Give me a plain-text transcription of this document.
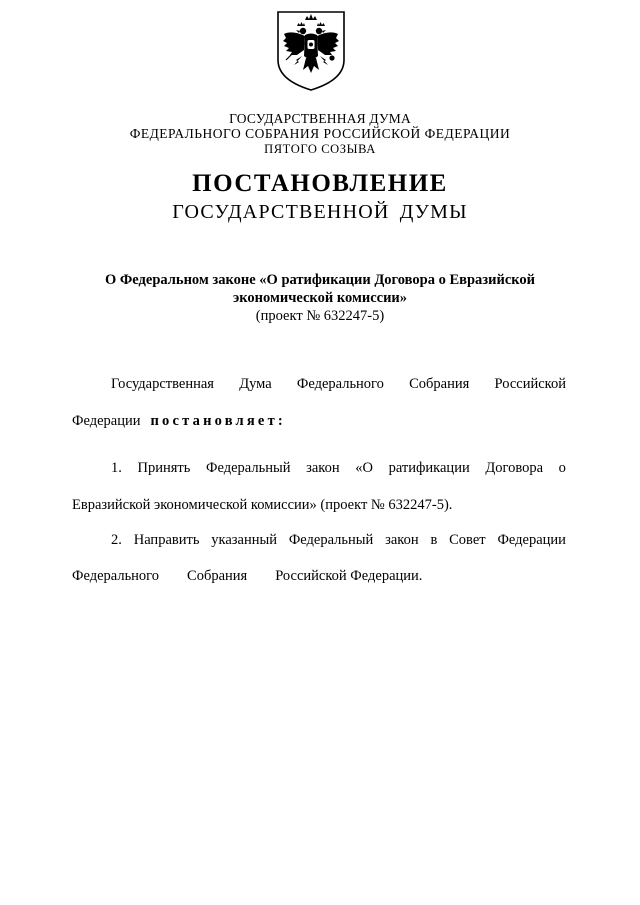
ГОСУДАРСТВЕННАЯ ДУМА
ФЕДЕРАЛЬНОГО СОБРАНИЯ РОССИЙСКОЙ ФЕДЕРАЦИИ
ПЯТОГО СОЗЫВА
ПОСТАНОВЛЕНИЕ
ГОСУДАРСТВЕННОЙ ДУМЫ
О Федеральном законе «О ратификации Договора о Евразийской
экономической комиссии»
(проект № 632247-5)
Государственная Дума Федерального Собрания Российской
Федерации постановляет:
1. Принять Федеральный закон «О ратификации Договора о
Евразийской экономической комиссии» (проект № 632247-5).
2. Направить указанный Федеральный закон в Совет Федерации
Федерального Собрания Российской Федерации.
